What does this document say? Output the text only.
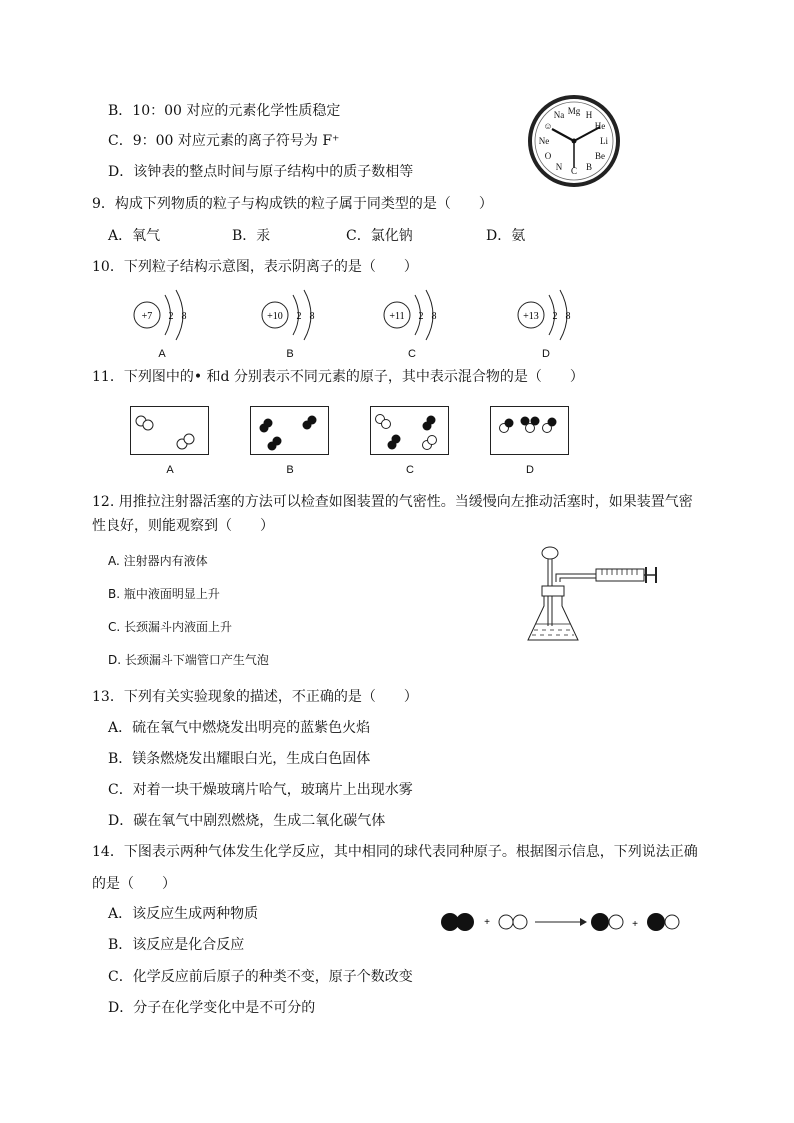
B．10：00 对应的元素化学性质稳定
C．9：00 对应元素的离子符号为 F⁺
D．该钟表的整点时间与原子结构中的质子数相等
Na Mg H
He
Li
Be
B
C
N
O
Ne
☺
9．构成下列物质的粒子与构成铁的粒子属于同类型的是（　　）
A．氧气	B．汞	C．氯化钠	D．氨
10．下列粒子结构示意图，表示阴离子的是（　　）
+7 2 8	+10 2 8	+11 2 8	+13 2 8
A	B	C	D
11．下列图中的• 和d 分别表示不同元素的原子，其中表示混合物的是（　　）
A	B	C	D
12. 用推拉注射器活塞的方法可以检查如图装置的气密性。当缓慢向左推动活塞时，如果装置气密
性良好，则能观察到（　　）
A. 注射器内有液体
B. 瓶中液面明显上升
C. 长颈漏斗内液面上升
D. 长颈漏斗下端管口产生气泡
13．下列有关实验现象的描述，不正确的是（　　）
A．硫在氧气中燃烧发出明亮的蓝紫色火焰
B．镁条燃烧发出耀眼白光，生成白色固体
C．对着一块干燥玻璃片哈气，玻璃片上出现水雾
D．碳在氧气中剧烈燃烧，生成二氧化碳气体
14．下图表示两种气体发生化学反应，其中相同的球代表同种原子。根据图示信息，下列说法正确
的是（　　）
A．该反应生成两种物质
B．该反应是化合反应
C．化学反应前后原子的种类不变，原子个数改变
D．分子在化学变化中是不可分的
+	+
